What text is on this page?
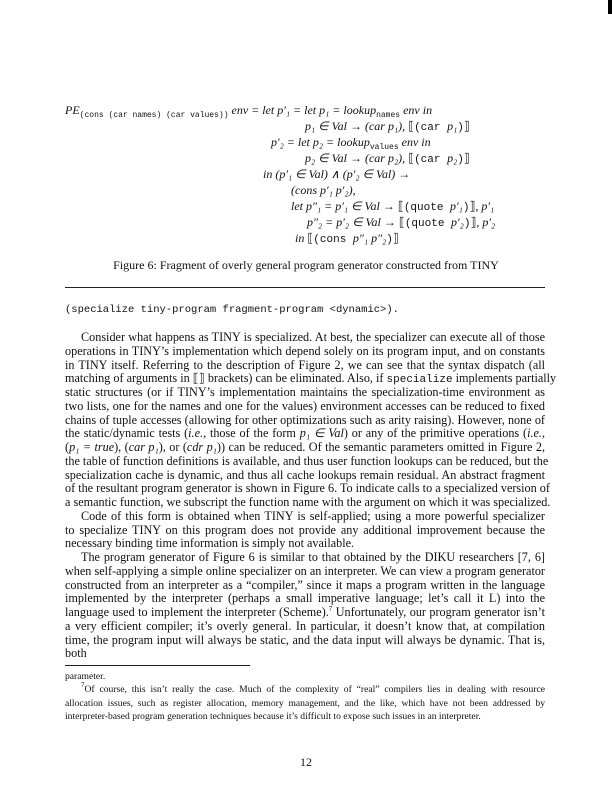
$PE_{(cons (car names) (car values))}$ env = let p′₁ = let p₁ = lookup$_{names}$ env in
p₁ ∈ Val → (car p₁), ⟦(car p₁)⟧
p′₂ = let p₂ = lookup$_{values}$ env in
p₂ ∈ Val → (car p₂), ⟦(car p₂)⟧
in (p′₁ ∈ Val) ∧ (p′₂ ∈ Val) →
(cons p′₁ p′₂),
let p″₁ = p′₁ ∈ Val → ⟦(quote p′₁)⟧, p′₁
p″₂ = p′₂ ∈ Val → ⟦(quote p′₂)⟧, p′₂
in ⟦(cons p″₁ p″₂)⟧
Figure 6: Fragment of overly general program generator constructed from TINY
(specialize tiny-program fragment-program <dynamic>).
Consider what happens as TINY is specialized. At best, the specializer can execute all of those
operations in TINY’s implementation which depend solely on its program input, and on constants
in TINY itself. Referring to the description of Figure 2, we can see that the syntax dispatch (all
matching of arguments in ⟦⟧ brackets) can be eliminated. Also, if specialize implements partially
static structures (or if TINY’s implementation maintains the specialization-time environment as
two lists, one for the names and one for the values) environment accesses can be reduced to fixed
chains of tuple accesses (allowing for other optimizations such as arity raising). However, none of
the static/dynamic tests (i.e., those of the form p₁ ∈ Val) or any of the primitive operations (i.e.,
(p₁ = true), (car p₁), or (cdr p₁)) can be reduced. Of the semantic parameters omitted in Figure 2,
the table of function definitions is available, and thus user function lookups can be reduced, but the
specialization cache is dynamic, and thus all cache lookups remain residual. An abstract fragment
of the resultant program generator is shown in Figure 6. To indicate calls to a specialized version of
a semantic function, we subscript the function name with the argument on which it was specialized.
Code of this form is obtained when TINY is self-applied; using a more powerful specializer
to specialize TINY on this program does not provide any additional improvement because the
necessary binding time information is simply not available.
The program generator of Figure 6 is similar to that obtained by the DIKU researchers [7, 6]
when self-applying a simple online specializer on an interpreter. We can view a program generator
constructed from an interpreter as a “compiler,” since it maps a program written in the language
implemented by the interpreter (perhaps a small imperative language; let’s call it L) into the
language used to implement the interpreter (Scheme).$^7$ Unfortunately, our program generator isn’t
a very efficient compiler; it’s overly general. In particular, it doesn’t know that, at compilation
time, the program input will always be static, and the data input will always be dynamic. That is,
both
parameter.
$^7$Of course, this isn’t really the case. Much of the complexity of “real” compilers lies in dealing with resource
allocation issues, such as register allocation, memory management, and the like, which have not been addressed by
interpreter-based program generation techniques because it’s difficult to expose such issues in an interpreter.
12
